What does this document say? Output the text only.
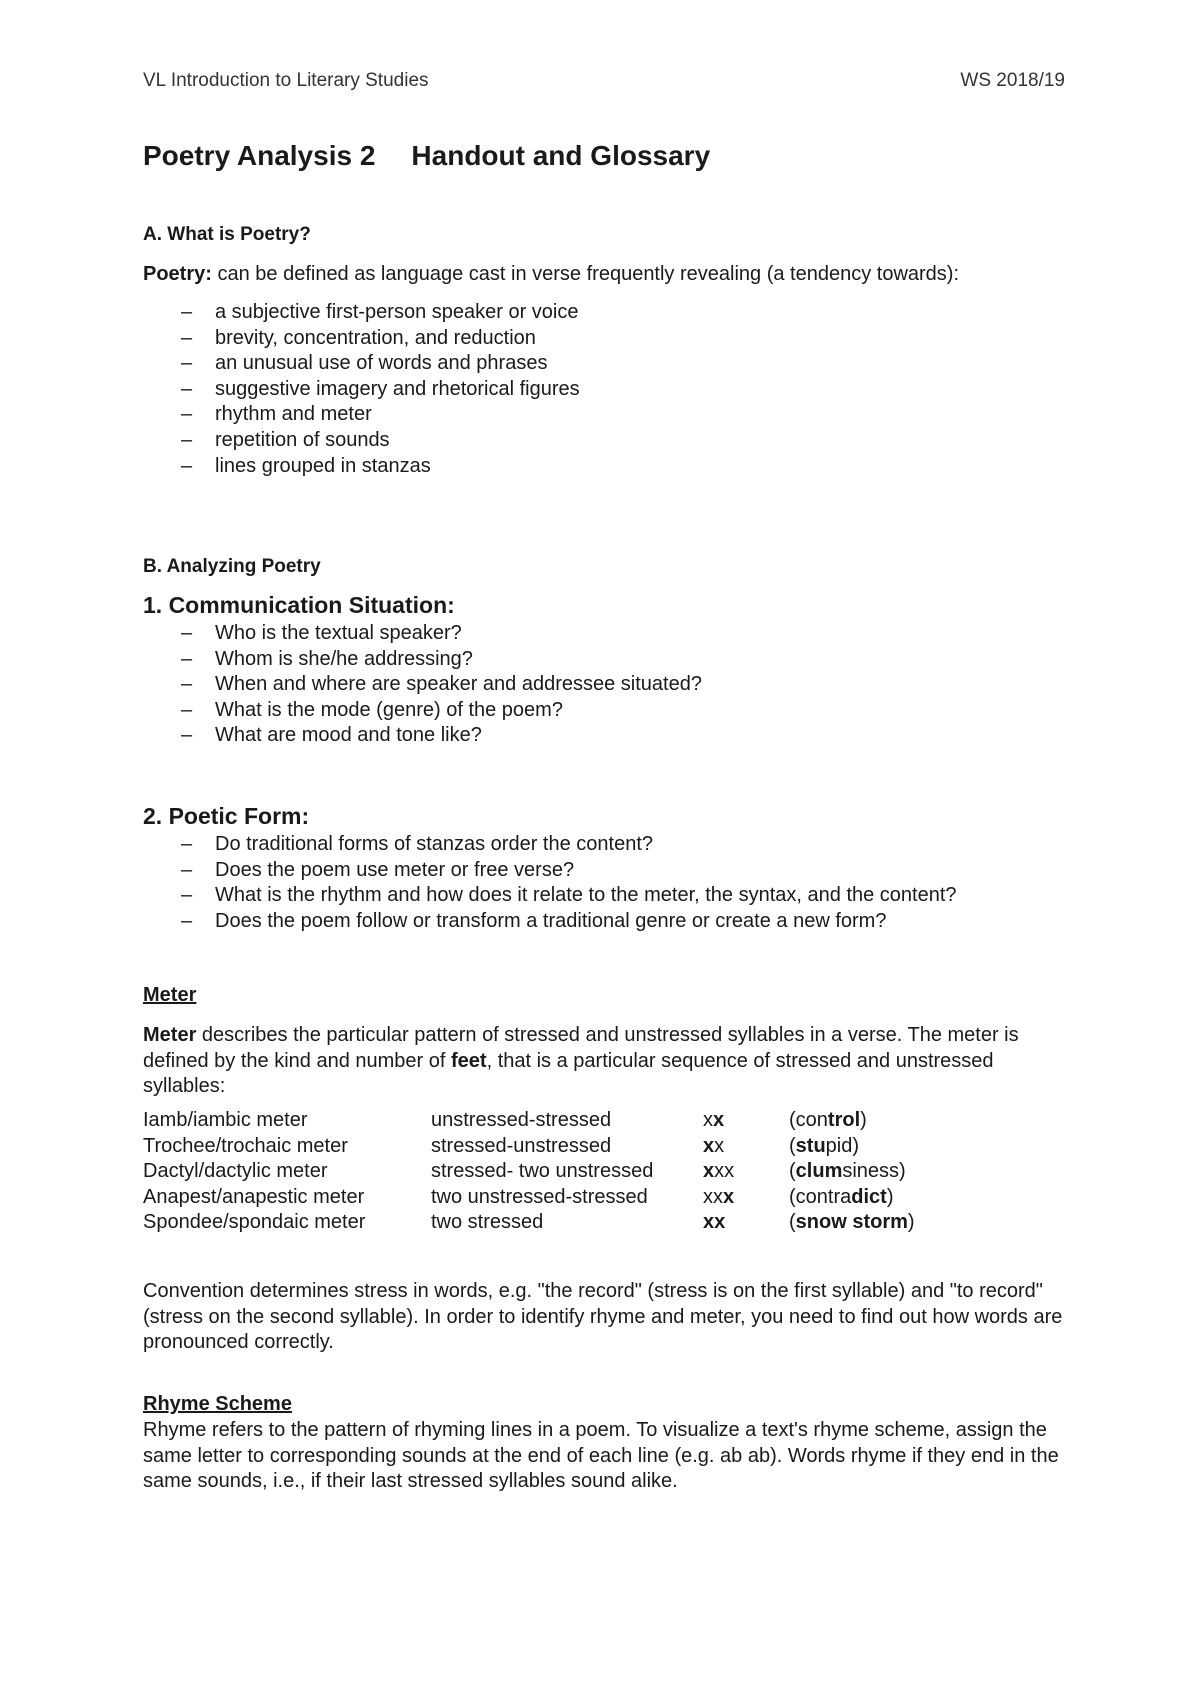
VL Introduction to Literary Studies	WS 2018/19
Poetry Analysis 2 Handout and Glossary
A. What is Poetry?
Poetry: can be defined as language cast in verse frequently revealing (a tendency towards):
– a subjective first-person speaker or voice
– brevity, concentration, and reduction
– an unusual use of words and phrases
– suggestive imagery and rhetorical figures
– rhythm and meter
– repetition of sounds
– lines grouped in stanzas
B. Analyzing Poetry
1. Communication Situation:
– Who is the textual speaker?
– Whom is she/he addressing?
– When and where are speaker and addressee situated?
– What is the mode (genre) of the poem?
– What are mood and tone like?
2. Poetic Form:
– Do traditional forms of stanzas order the content?
– Does the poem use meter or free verse?
– What is the rhythm and how does it relate to the meter, the syntax, and the content?
– Does the poem follow or transform a traditional genre or create a new form?
Meter
Meter describes the particular pattern of stressed and unstressed syllables in a verse. The meter is defined by the kind and number of feet, that is a particular sequence of stressed and unstressed syllables:
Iamb/iambic meter	unstressed-stressed	xx	(control)
Trochee/trochaic meter	stressed-unstressed	xx	(stupid)
Dactyl/dactylic meter	stressed- two unstressed	xxx	(clumsiness)
Anapest/anapestic meter	two unstressed-stressed	xxx	(contradict)
Spondee/spondaic meter	two stressed	xx	(snow storm)
Convention determines stress in words, e.g. "the record" (stress is on the first syllable) and "to record" (stress on the second syllable). In order to identify rhyme and meter, you need to find out how words are pronounced correctly.
Rhyme Scheme
Rhyme refers to the pattern of rhyming lines in a poem. To visualize a text's rhyme scheme, assign the same letter to corresponding sounds at the end of each line (e.g. ab ab). Words rhyme if they end in the same sounds, i.e., if their last stressed syllables sound alike.
